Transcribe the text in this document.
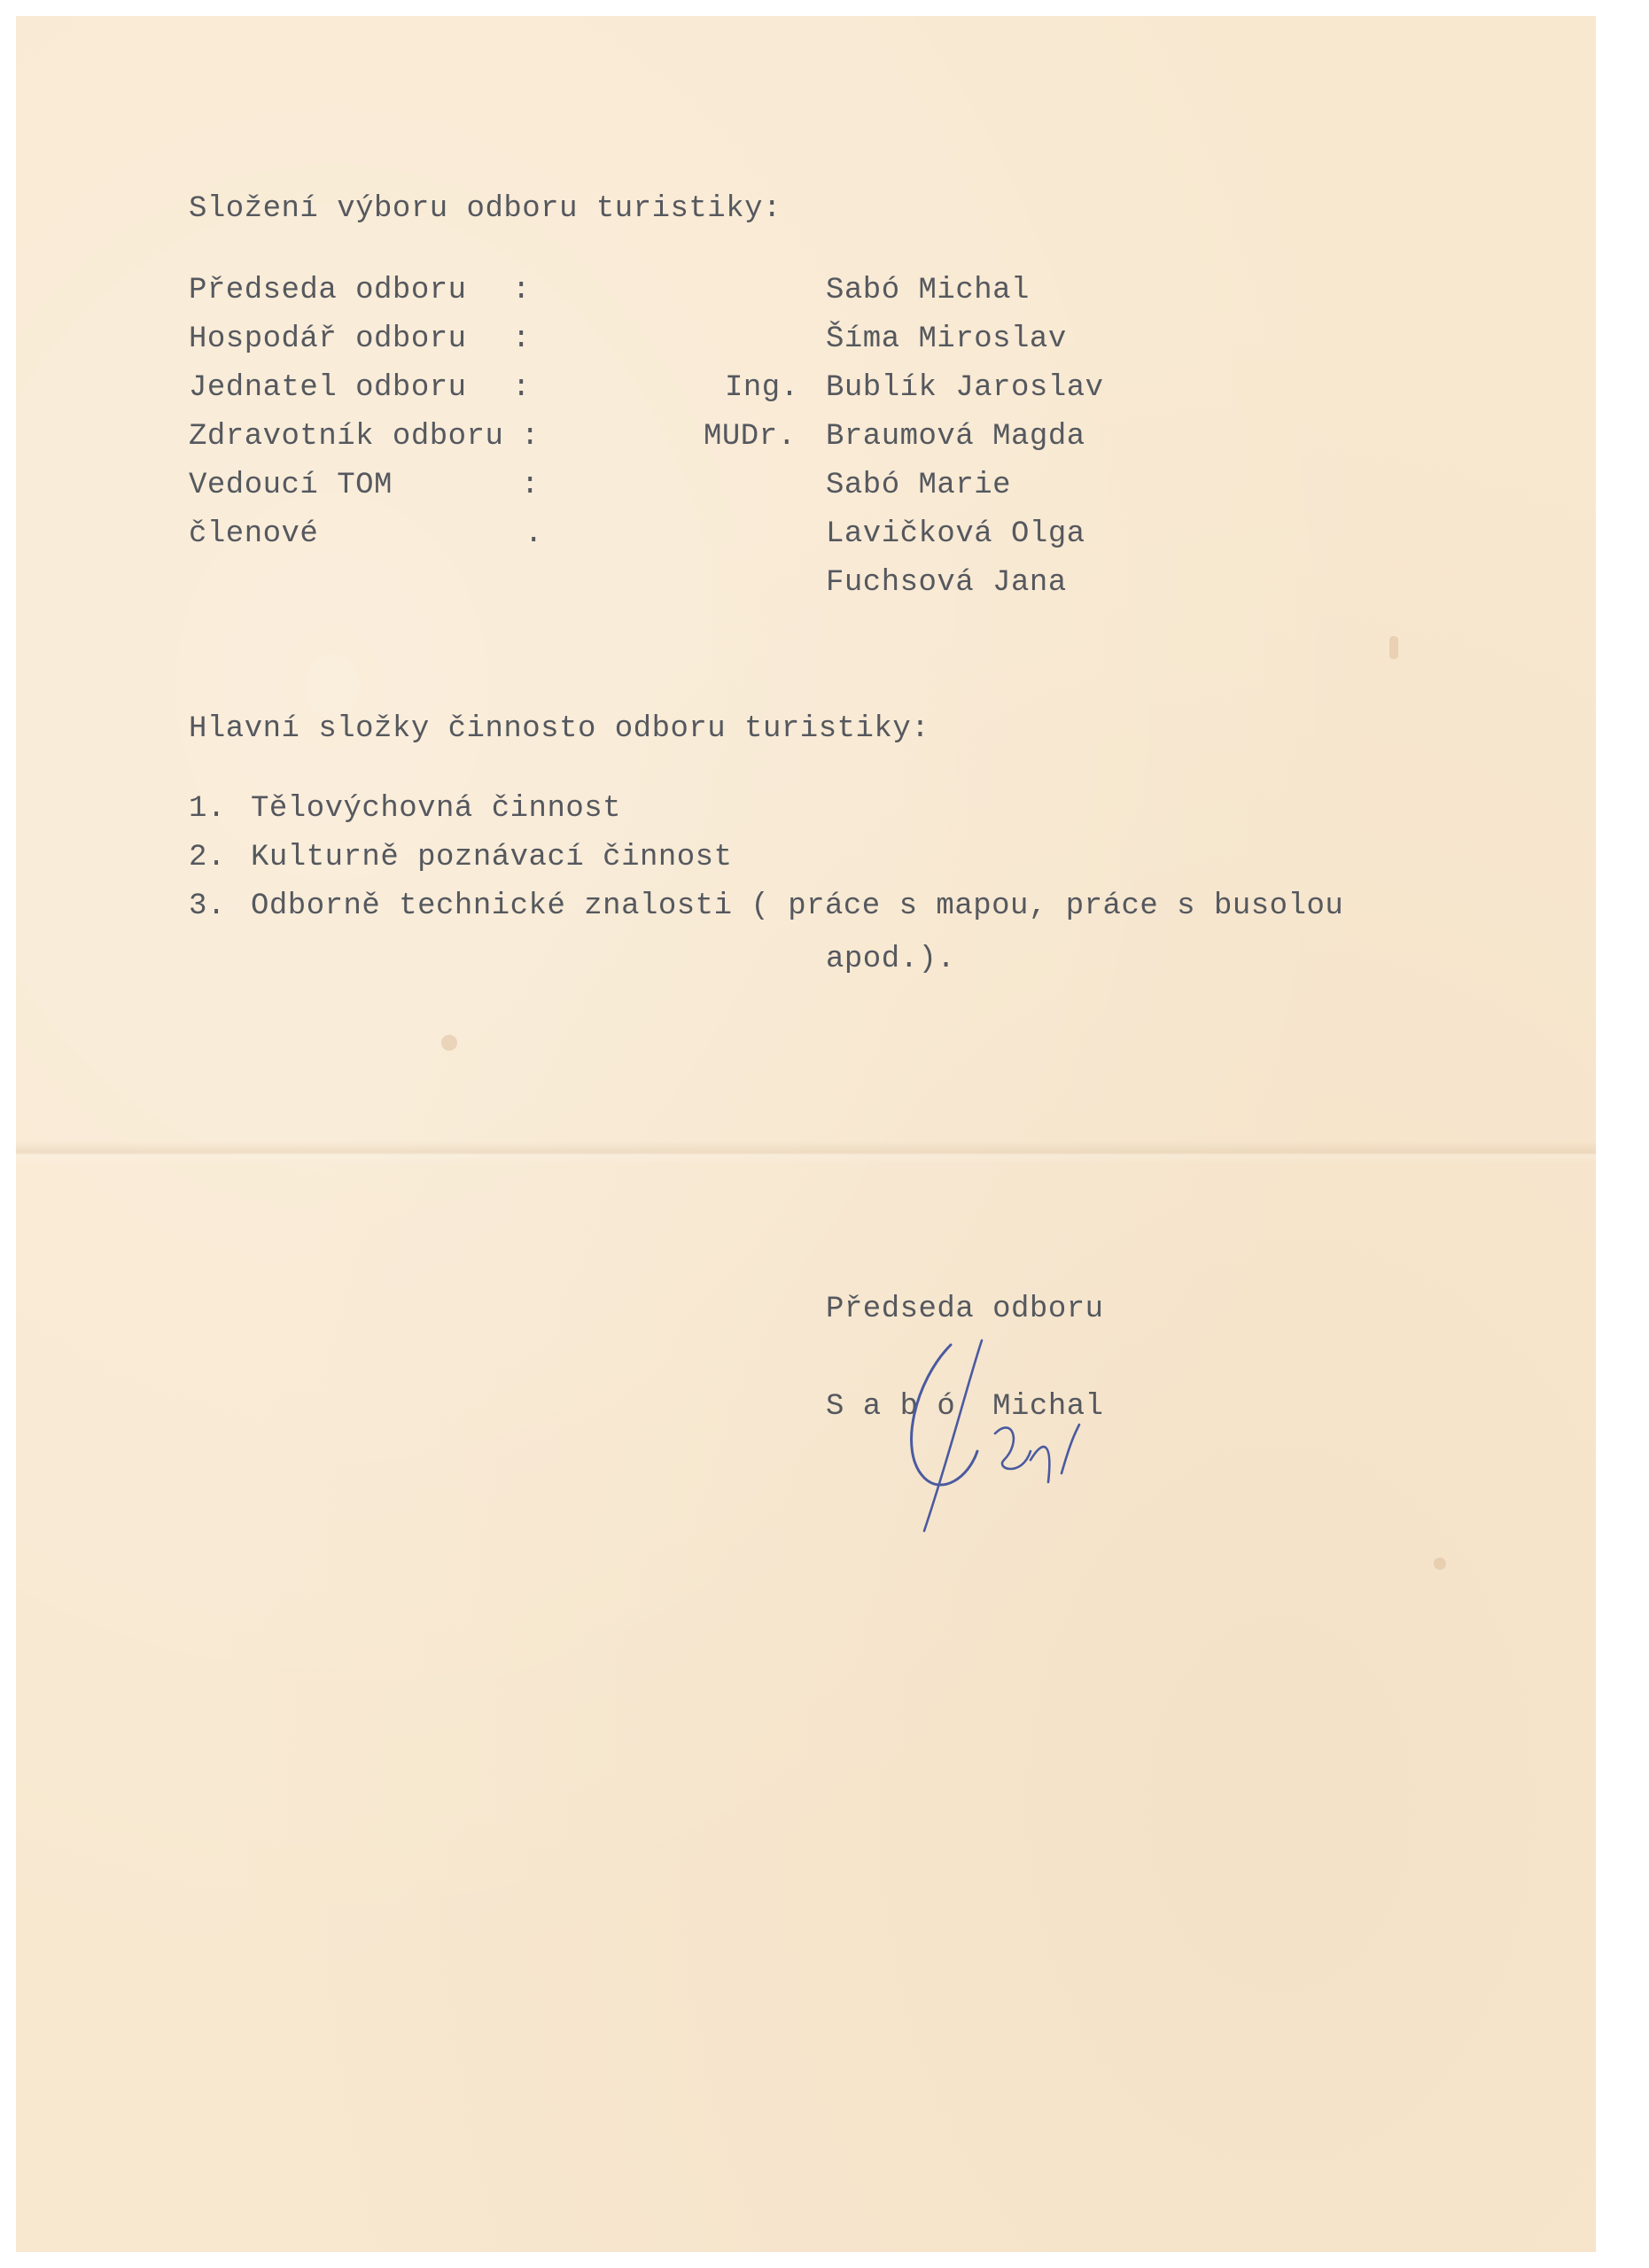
Složení výboru odboru turistiky:
Předseda odboru :	Sabó Michal
Hospodář odboru :	Šíma Miroslav
Jednatel odboru :	Ing. Bublík Jaroslav
Zdravotník odboru :	MUDr. Braumová Magda
Vedoucí TOM	:	Sabó Marie
členové	.	Lavičková Olga
Fuchsová Jana
Hlavní složky činnosto odboru turistiky:
1. Tělovýchovná činnost
2. Kulturně poznávací činnost
3. Odborně technické znalosti ( práce s mapou, práce s busolou
apod.).
Předseda odboru
S a b ó  Michal
